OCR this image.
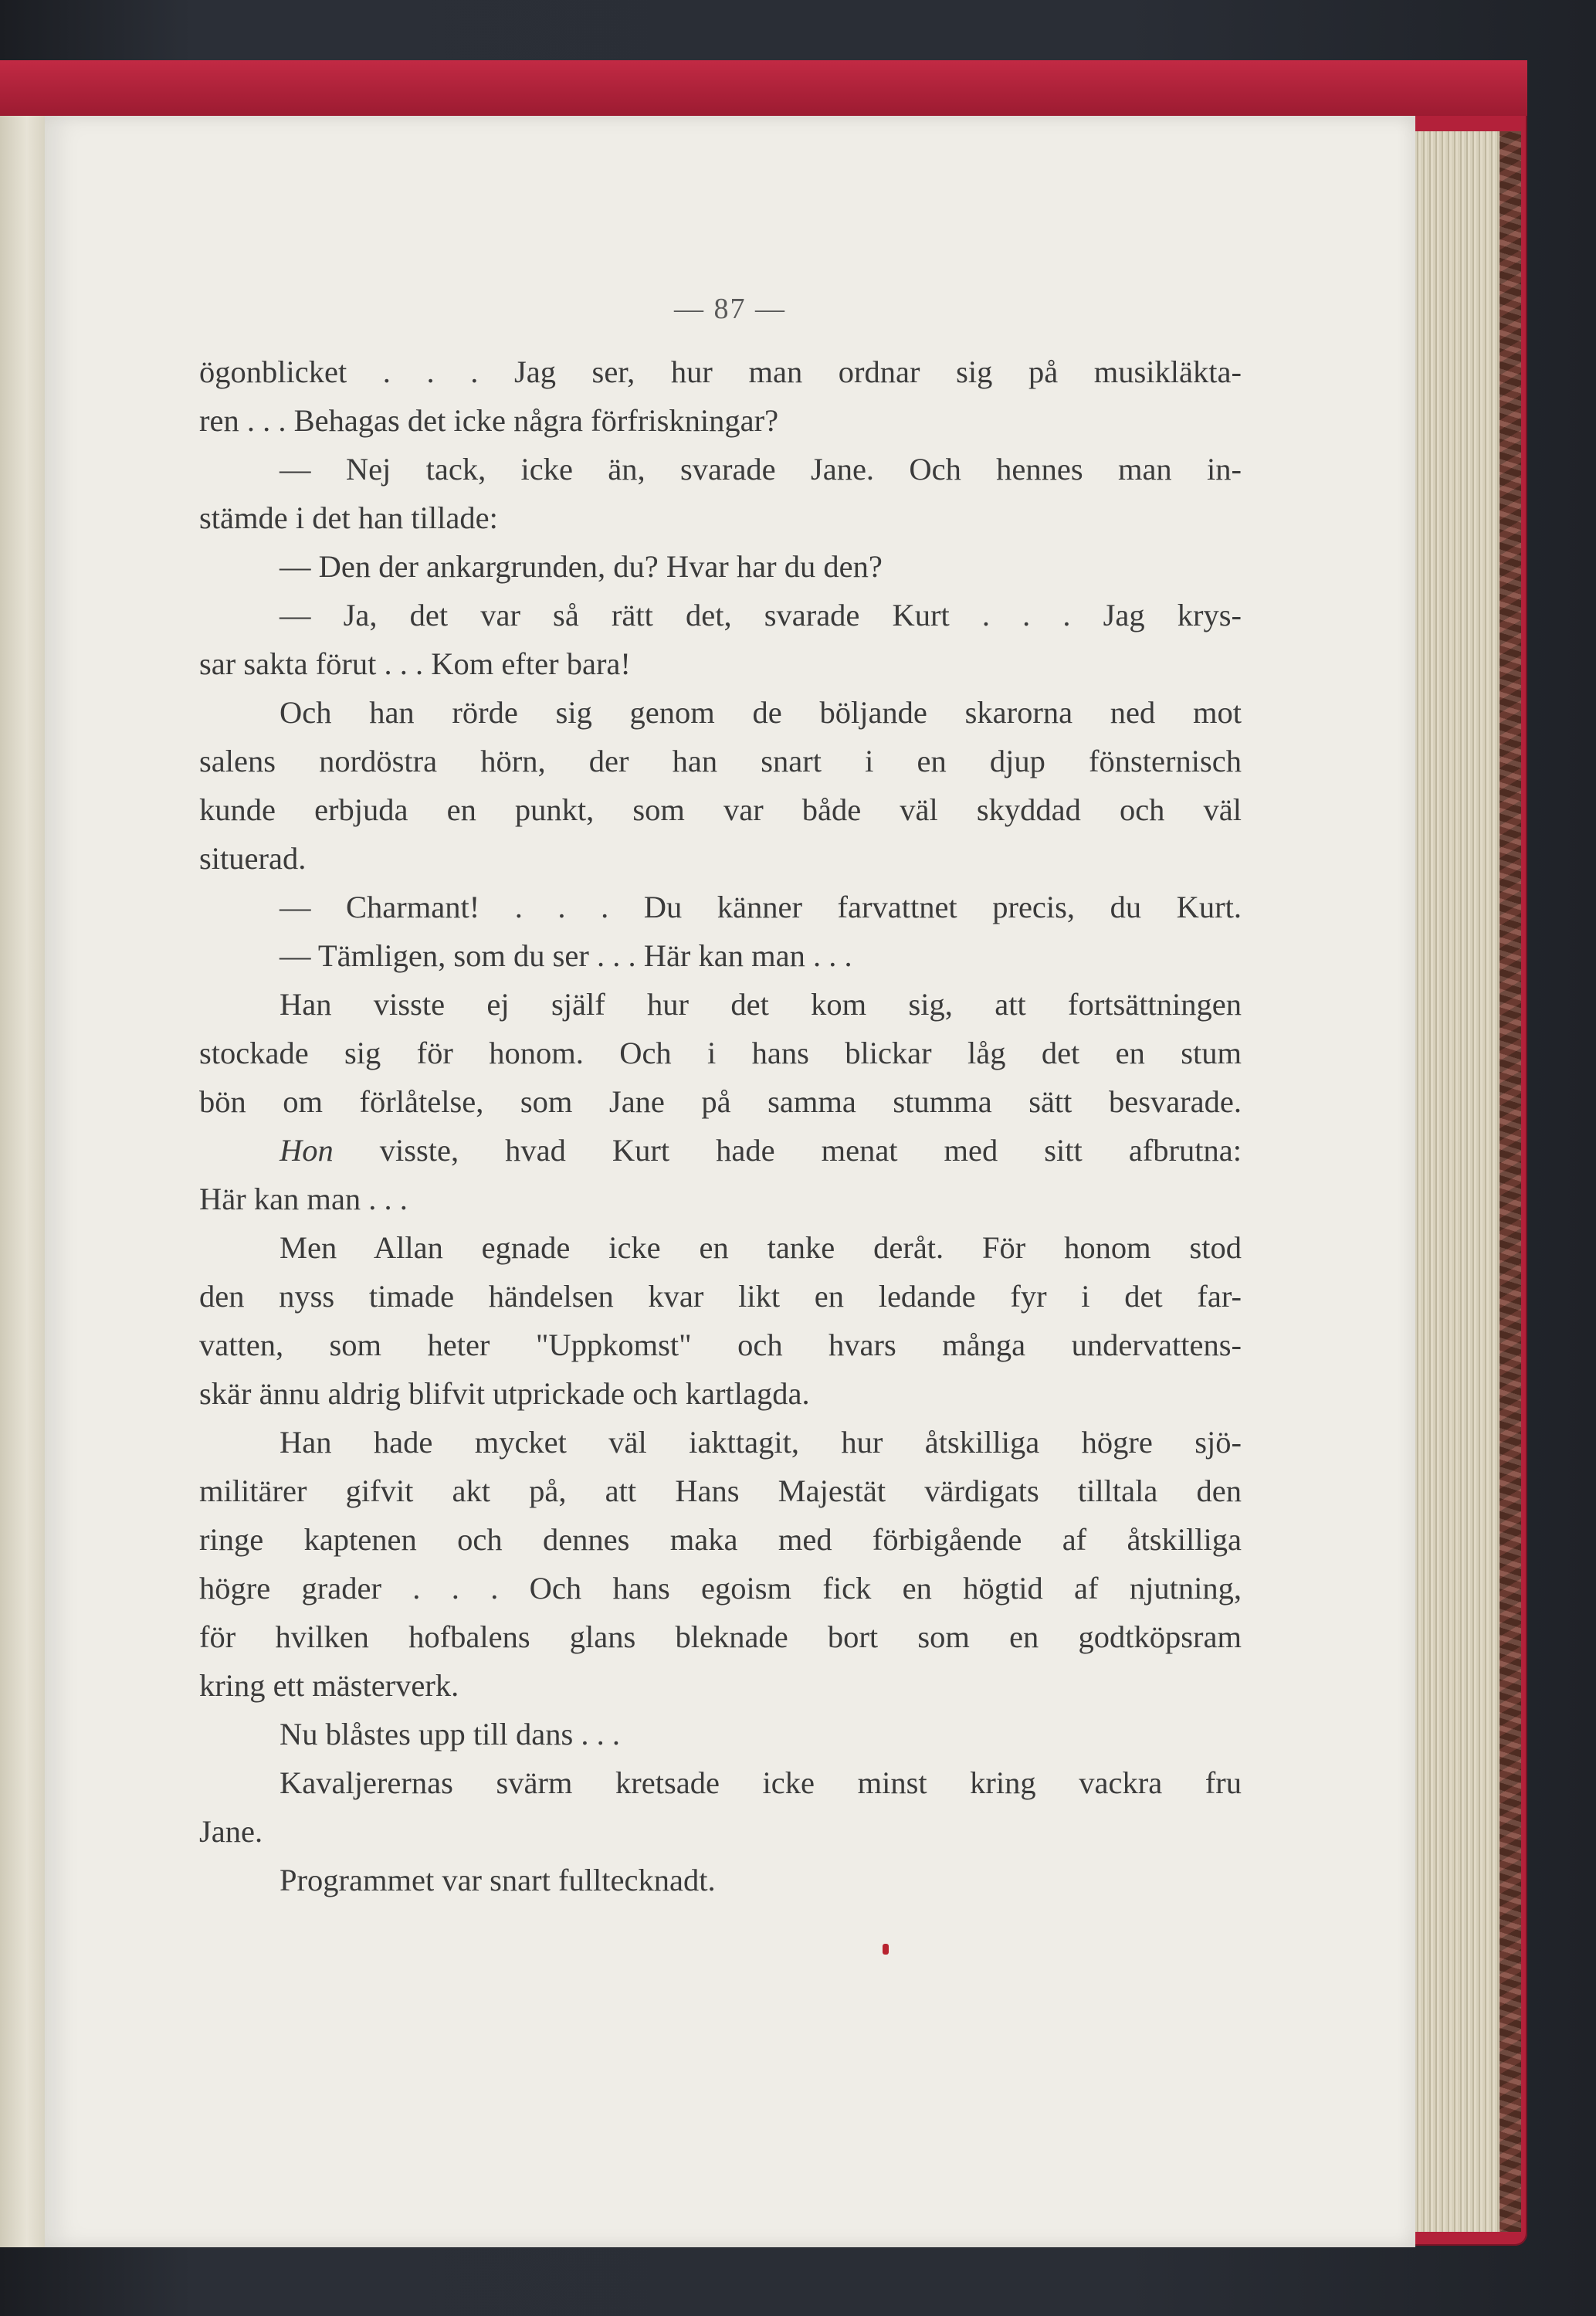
— 87 —
ögonblicket . . . Jag ser, hur man ordnar sig på musikläkta-
ren . . . Behagas det icke några förfriskningar?
— Nej tack, icke än, svarade Jane. Och hennes man in-
stämde i det han tillade:
— Den der ankargrunden, du? Hvar har du den?
— Ja, det var så rätt det, svarade Kurt . . . Jag krys-
sar sakta förut . . . Kom efter bara!
Och han rörde sig genom de böljande skarorna ned mot
salens nordöstra hörn, der han snart i en djup fönsternisch
kunde erbjuda en punkt, som var både väl skyddad och väl
situerad.
— Charmant! . . . Du känner farvattnet precis, du Kurt.
— Tämligen, som du ser . . . Här kan man . . .
Han visste ej själf hur det kom sig, att fortsättningen
stockade sig för honom. Och i hans blickar låg det en stum
bön om förlåtelse, som Jane på samma stumma sätt besvarade.
Hon visste, hvad Kurt hade menat med sitt afbrutna:
Här kan man . . .
Men Allan egnade icke en tanke deråt. För honom stod
den nyss timade händelsen kvar likt en ledande fyr i det far-
vatten, som heter "Uppkomst" och hvars många undervattens-
skär ännu aldrig blifvit utprickade och kartlagda.
Han hade mycket väl iakttagit, hur åtskilliga högre sjö-
militärer gifvit akt på, att Hans Majestät värdigats tilltala den
ringe kaptenen och dennes maka med förbigående af åtskilliga
högre grader . . . Och hans egoism fick en högtid af njutning,
för hvilken hofbalens glans bleknade bort som en godtköpsram
kring ett mästerverk.
Nu blåstes upp till dans . . .
Kavaljerernas svärm kretsade icke minst kring vackra fru
Jane.
Programmet var snart fulltecknadt.
